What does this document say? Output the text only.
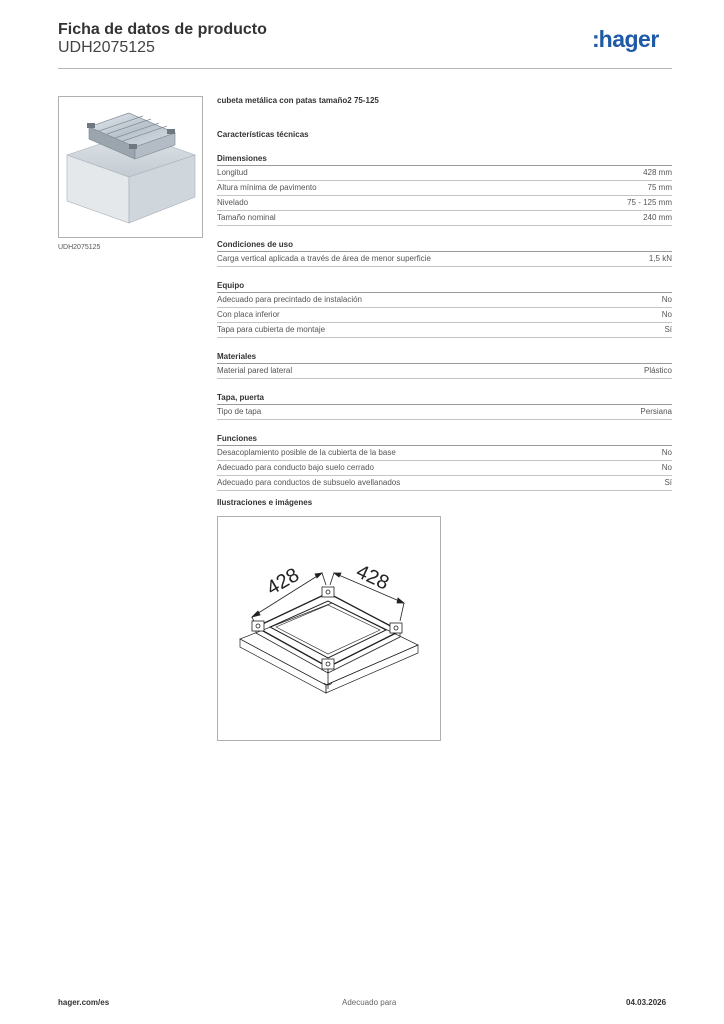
Ficha de datos de producto
UDH2075125	:hager
UDH2075125
cubeta metálica con patas tamaño2 75-125
Características técnicas
Dimensiones
Longitud	428 mm
Altura mínima de pavimento	75 mm
Nivelado	75 - 125 mm
Tamaño nominal	240 mm
Condiciones de uso
Carga vertical aplicada a través de área de menor superficie	1,5 kN
Equipo
Adecuado para precintado de instalación	No
Con placa inferior	No
Tapa para cubierta de montaje	Sí
Materiales
Material pared lateral	Plástico
Tapa, puerta
Tipo de tapa	Persiana
Funciones
Desacoplamiento posible de la cubierta de la base	No
Adecuado para conducto bajo suelo cerrado	No
Adecuado para conductos de subsuelo avellanados	Sí
Ilustraciones e imágenes
428 428
hager.com/es	Adecuado para	04.03.2026
